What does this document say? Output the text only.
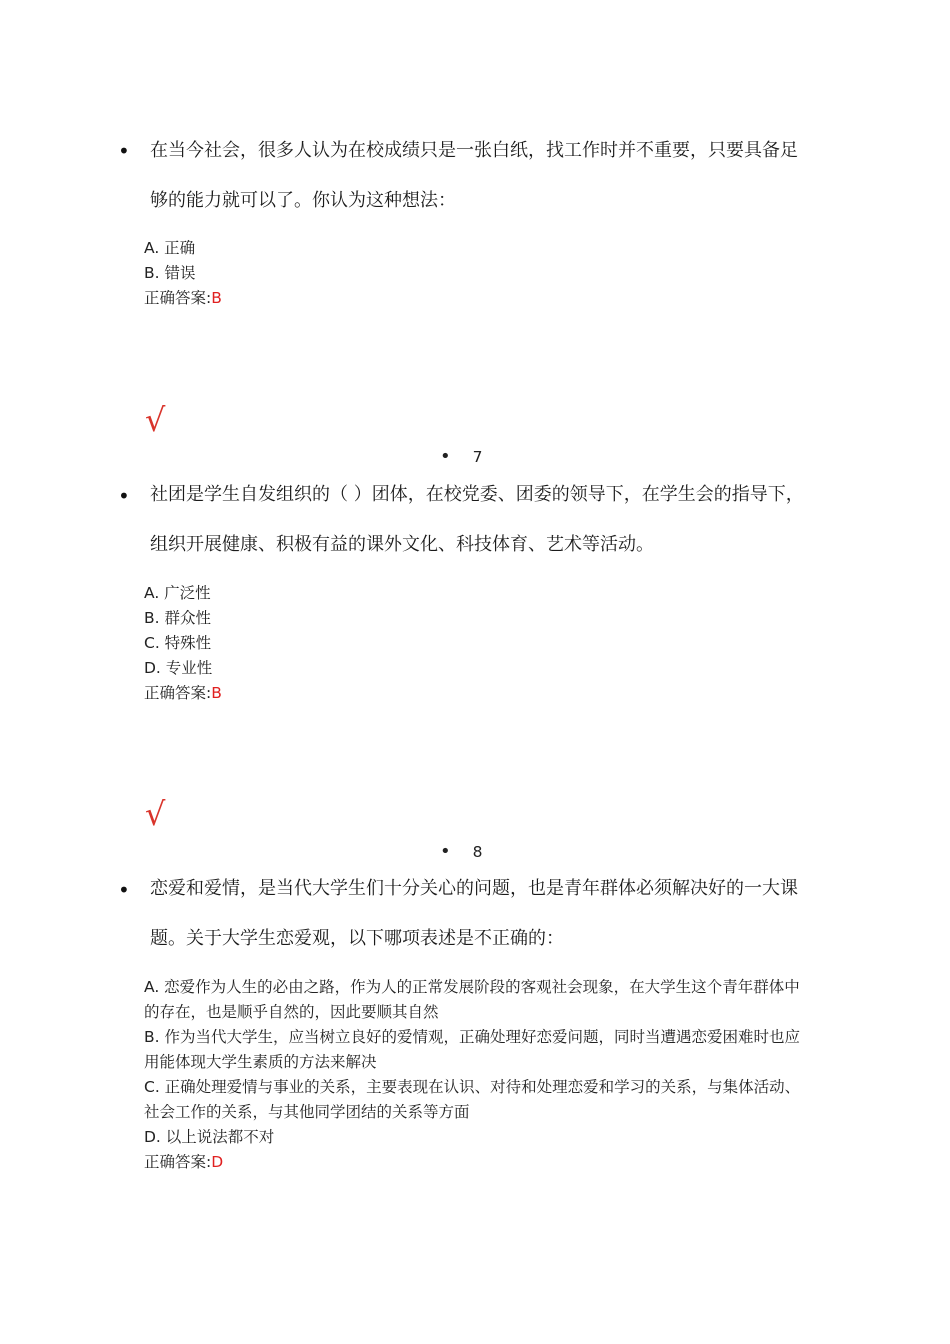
• 在当今社会，很多人认为在校成绩只是一张白纸，找工作时并不重要，只要具备足够的能力就可以了。你认为这种想法：
A. 正确
B. 错误
正确答案:B
√
• 7
• 社团是学生自发组织的（ ）团体，在校党委、团委的领导下，在学生会的指导下，组织开展健康、积极有益的课外文化、科技体育、艺术等活动。
A. 广泛性
B. 群众性
C. 特殊性
D. 专业性
正确答案:B
√
• 8
• 恋爱和爱情，是当代大学生们十分关心的问题，也是青年群体必须解决好的一大课题。关于大学生恋爱观，以下哪项表述是不正确的：
A. 恋爱作为人生的必由之路，作为人的正常发展阶段的客观社会现象，在大学生这个青年群体中的存在，也是顺乎自然的，因此要顺其自然
B. 作为当代大学生，应当树立良好的爱情观，正确处理好恋爱问题，同时当遭遇恋爱困难时也应用能体现大学生素质的方法来解决
C. 正确处理爱情与事业的关系，主要表现在认识、对待和处理恋爱和学习的关系，与集体活动、社会工作的关系，与其他同学团结的关系等方面
D. 以上说法都不对
正确答案:D
